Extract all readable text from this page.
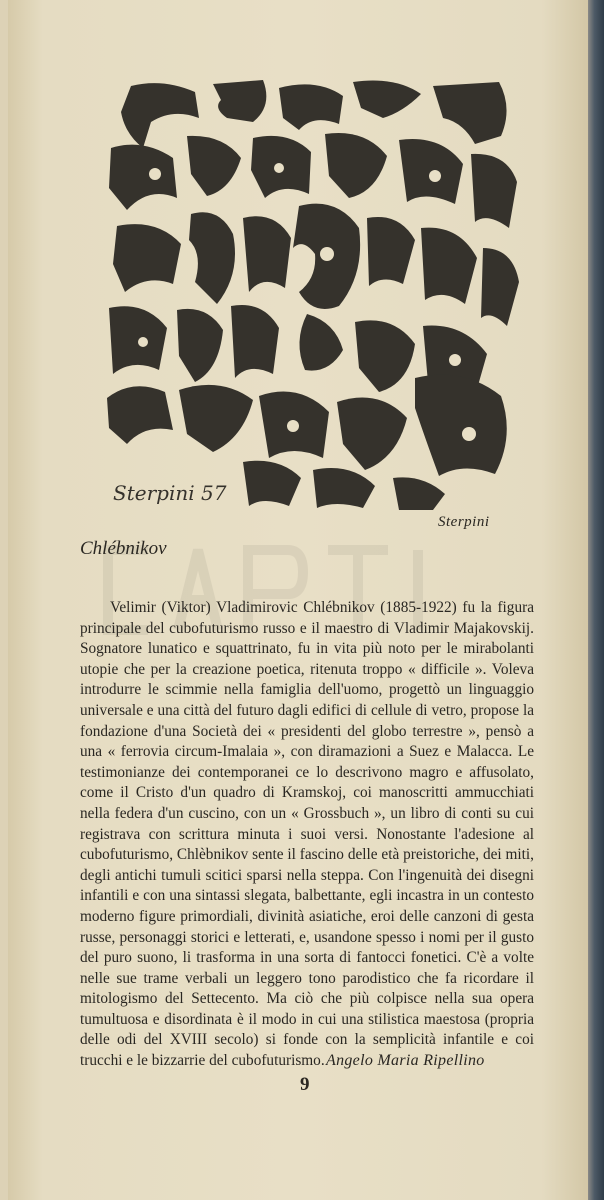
Sterpini 57
Sterpini
Chlébnikov

Velimir (Viktor) Vladimirovic Chlébnikov (1885-1922) fu la figura principale del cubofuturismo russo e il maestro di Vladimir Majakovskij. Sognatore lunatico e squattrinato, fu in vita più noto per le mirabolanti utopie che per la creazione poetica, ritenuta troppo « difficile ». Voleva introdurre le scimmie nella famiglia dell'uomo, progettò un linguaggio universale e una città del futuro dagli edifici di cellule di vetro, propose la fondazione d'una Società dei « presidenti del globo terrestre », pensò a una « ferrovia circum-Imalaia », con diramazioni a Suez e Malacca. Le testimonianze dei contemporanei ce lo descrivono magro e affusolato, come il Cristo d'un quadro di Kramskoj, coi manoscritti ammucchiati nella federa d'un cuscino, con un « Grossbuch », un libro di conti su cui registrava con scrittura minuta i suoi versi. Nonostante l'adesione al cubofuturismo, Chlèbnikov sente il fascino delle età preistoriche, dei miti, degli antichi tumuli scitici sparsi nella steppa. Con l'ingenuità dei disegni infantili e con una sintassi slegata, balbettante, egli incastra in un contesto moderno figure primordiali, divinità asiatiche, eroi delle canzoni di gesta russe, personaggi storici e letterati, e, usandone spesso i nomi per il gusto del puro suono, li trasforma in una sorta di fantocci fonetici. C'è a volte nelle sue trame verbali un leggero tono parodistico che fa ricordare il mitologismo del Settecento. Ma ciò che più colpisce nella sua opera tumultuosa e disordinata è il modo in cui una stilistica maestosa (propria delle odi del XVIII secolo) si fonde con la semplicità infantile e coi trucchi e le bizzarrie del cubofuturismo. Angelo Maria Ripellino
9
